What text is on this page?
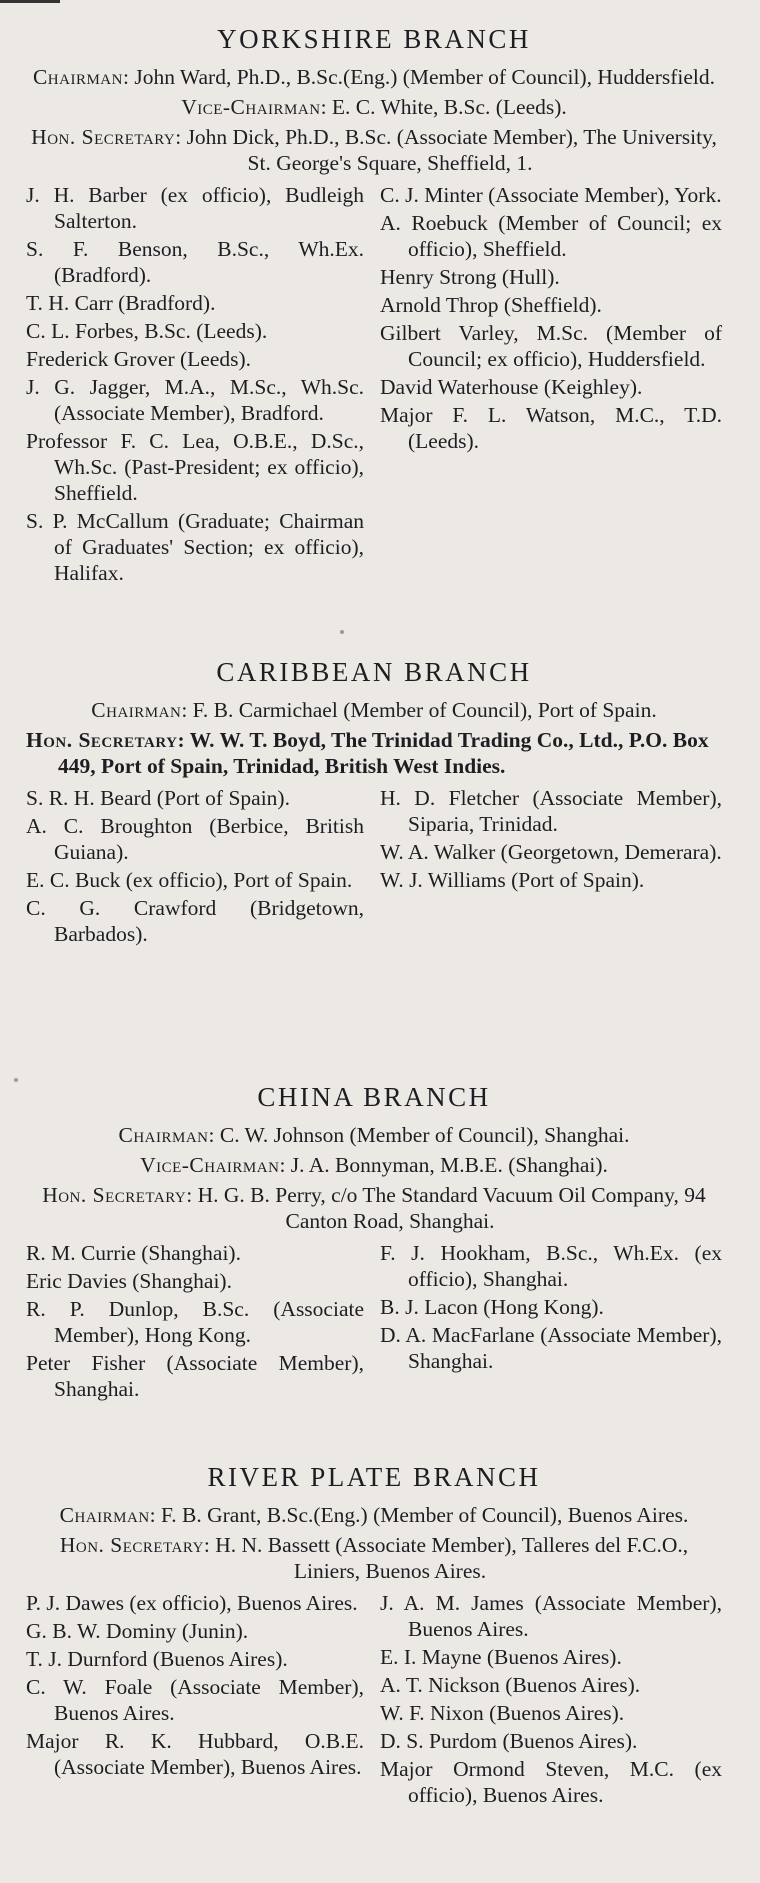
YORKSHIRE BRANCH
Chairman: John Ward, Ph.D., B.Sc.(Eng.) (Member of Council), Huddersfield.
Vice-Chairman: E. C. White, B.Sc. (Leeds).
Hon. Secretary: John Dick, Ph.D., B.Sc. (Associate Member), The University, St. George's Square, Sheffield, 1.
J. H. Barber (ex officio), Budleigh Salterton.
S. F. Benson, B.Sc., Wh.Ex. (Bradford).
T. H. Carr (Bradford).
C. L. Forbes, B.Sc. (Leeds).
Frederick Grover (Leeds).
J. G. Jagger, M.A., M.Sc., Wh.Sc. (Associate Member), Bradford.
Professor F. C. Lea, O.B.E., D.Sc., Wh.Sc. (Past-President; ex officio), Sheffield.
S. P. McCallum (Graduate; Chairman of Graduates' Section; ex officio), Halifax.
C. J. Minter (Associate Member), York.
A. Roebuck (Member of Council; ex officio), Sheffield.
Henry Strong (Hull).
Arnold Throp (Sheffield).
Gilbert Varley, M.Sc. (Member of Council; ex officio), Huddersfield.
David Waterhouse (Keighley).
Major F. L. Watson, M.C., T.D. (Leeds).
CARIBBEAN BRANCH
Chairman: F. B. Carmichael (Member of Council), Port of Spain.
Hon. Secretary: W. W. T. Boyd, The Trinidad Trading Co., Ltd., P.O. Box 449, Port of Spain, Trinidad, British West Indies.
S. R. H. Beard (Port of Spain).
A. C. Broughton (Berbice, British Guiana).
E. C. Buck (ex officio), Port of Spain.
C. G. Crawford (Bridgetown, Barbados).
H. D. Fletcher (Associate Member), Siparia, Trinidad.
W. A. Walker (Georgetown, Demerara).
W. J. Williams (Port of Spain).
CHINA BRANCH
Chairman: C. W. Johnson (Member of Council), Shanghai.
Vice-Chairman: J. A. Bonnyman, M.B.E. (Shanghai).
Hon. Secretary: H. G. B. Perry, c/o The Standard Vacuum Oil Company, 94 Canton Road, Shanghai.
R. M. Currie (Shanghai).
Eric Davies (Shanghai).
R. P. Dunlop, B.Sc. (Associate Member), Hong Kong.
Peter Fisher (Associate Member), Shanghai.
F. J. Hookham, B.Sc., Wh.Ex. (ex officio), Shanghai.
B. J. Lacon (Hong Kong).
D. A. MacFarlane (Associate Member), Shanghai.
RIVER PLATE BRANCH
Chairman: F. B. Grant, B.Sc.(Eng.) (Member of Council), Buenos Aires.
Hon. Secretary: H. N. Bassett (Associate Member), Talleres del F.C.O., Liniers, Buenos Aires.
P. J. Dawes (ex officio), Buenos Aires.
G. B. W. Dominy (Junin).
T. J. Durnford (Buenos Aires).
C. W. Foale (Associate Member), Buenos Aires.
Major R. K. Hubbard, O.B.E. (Associate Member), Buenos Aires.
J. A. M. James (Associate Member), Buenos Aires.
E. I. Mayne (Buenos Aires).
A. T. Nickson (Buenos Aires).
W. F. Nixon (Buenos Aires).
D. S. Purdom (Buenos Aires).
Major Ormond Steven, M.C. (ex officio), Buenos Aires.
